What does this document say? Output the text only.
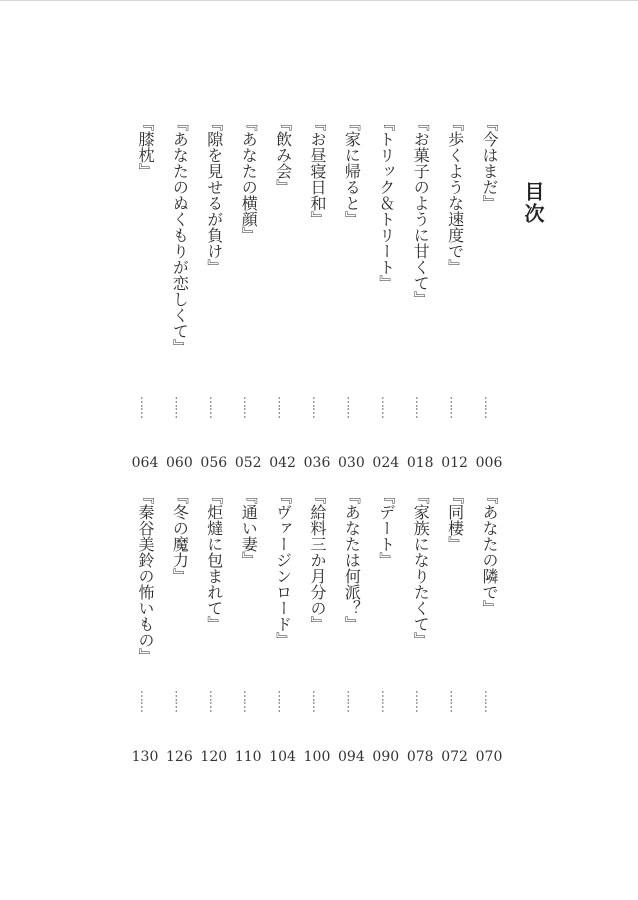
目次
『今はまだ』
……
006
『歩くような速度で』
……
012
『お菓子のように甘くて』
……
018
『トリック＆トリート』
……
024
『家に帰ると』
……
030
『お昼寝日和』
……
036
『飲み会』
……
042
『あなたの横顔』
……
052
『隙を見せるが負け』
……
056
『あなたのぬくもりが恋しくて』
……
060
『膝枕』
……
064
『あなたの隣で』
……
070
『同棲』
……
072
『家族になりたくて』
……
078
『デート』
……
090
『あなたは何派？』
……
094
『給料三か月分の』
……
100
『ヴァージンロード』
……
104
『通い妻』
……
110
『炬燵に包まれて』
……
120
『冬の魔力』
……
126
『秦谷美鈴の怖いもの』
……
130
